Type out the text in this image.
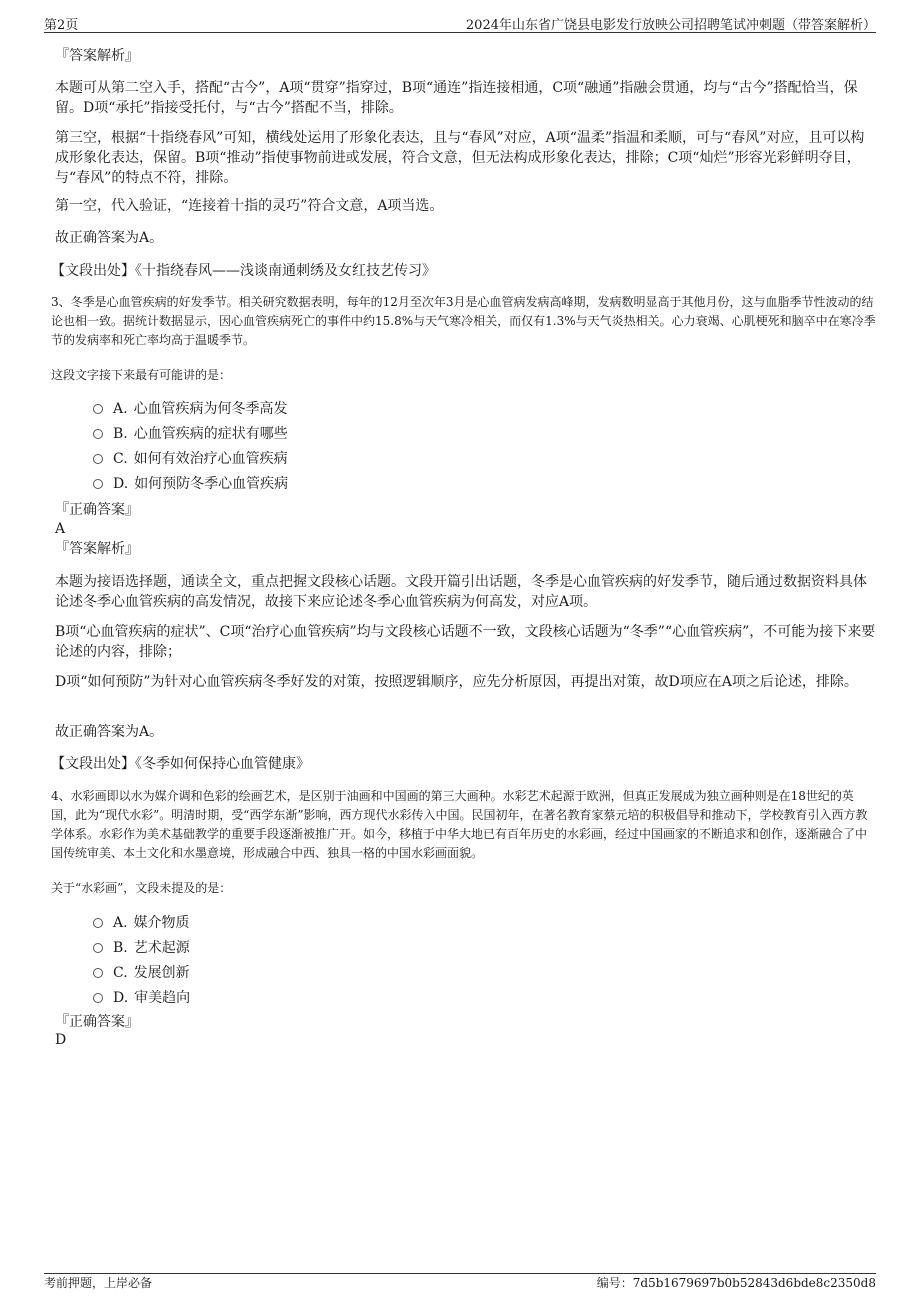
第2页	2024年山东省广饶县电影发行放映公司招聘笔试冲刺题（带答案解析）

『答案解析』

本题可从第二空入手，搭配“古今”，A项“贯穿”指穿过，B项“通连”指连接相通，C项“融通”指融会贯通，均与“古今”搭配恰当，保留。D项“承托”指接受托付，与“古今”搭配不当，排除。

第三空，根据“十指绕春风”可知，横线处运用了形象化表达，且与“春风”对应，A项“温柔”指温和柔顺，可与“春风”对应，且可以构成形象化表达，保留。B项“推动”指使事物前进或发展，符合文意，但无法构成形象化表达，排除；C项“灿烂”形容光彩鲜明夺目，与“春风”的特点不符，排除。

第一空，代入验证，“连接着十指的灵巧”符合文意，A项当选。

故正确答案为A。

【文段出处】《十指绕春风——浅谈南通刺绣及女红技艺传习》

3、冬季是心血管疾病的好发季节。相关研究数据表明，每年的12月至次年3月是心血管病发病高峰期，发病数明显高于其他月份，这与血脂季节性波动的结论也相一致。据统计数据显示，因心血管疾病死亡的事件中约15.8%与天气寒冷相关，而仅有1.3%与天气炎热相关。心力衰竭、心肌梗死和脑卒中在寒冷季节的发病率和死亡率均高于温暖季节。

这段文字接下来最有可能讲的是：

A. 心血管疾病为何冬季高发
B. 心血管疾病的症状有哪些
C. 如何有效治疗心血管疾病
D. 如何预防冬季心血管疾病

『正确答案』

A

『答案解析』

本题为接语选择题，通读全文，重点把握文段核心话题。文段开篇引出话题，冬季是心血管疾病的好发季节，随后通过数据资料具体论述冬季心血管疾病的高发情况，故接下来应论述冬季心血管疾病为何高发，对应A项。

B项“心血管疾病的症状”、C项“治疗心血管疾病”均与文段核心话题不一致，文段核心话题为“冬季”“心血管疾病”，不可能为接下来要论述的内容，排除；

D项“如何预防”为针对心血管疾病冬季好发的对策，按照逻辑顺序，应先分析原因，再提出对策，故D项应在A项之后论述，排除。

故正确答案为A。

【文段出处】《冬季如何保持心血管健康》

4、水彩画即以水为媒介调和色彩的绘画艺术，是区别于油画和中国画的第三大画种。水彩艺术起源于欧洲，但真正发展成为独立画种则是在18世纪的英国，此为“现代水彩”。明清时期，受“西学东渐”影响，西方现代水彩传入中国。民国初年，在著名教育家蔡元培的积极倡导和推动下，学校教育引入西方教学体系。水彩作为美术基础教学的重要手段逐渐被推广开。如今，移植于中华大地已有百年历史的水彩画，经过中国画家的不断追求和创作，逐渐融合了中国传统审美、本土文化和水墨意境，形成融合中西、独具一格的中国水彩画面貌。

关于“水彩画”，文段未提及的是：

A. 媒介物质
B. 艺术起源
C. 发展创新
D. 审美趋向

『正确答案』

D

考前押题，上岸必备	编号：7d5b1679697b0b52843d6bde8c2350d8
